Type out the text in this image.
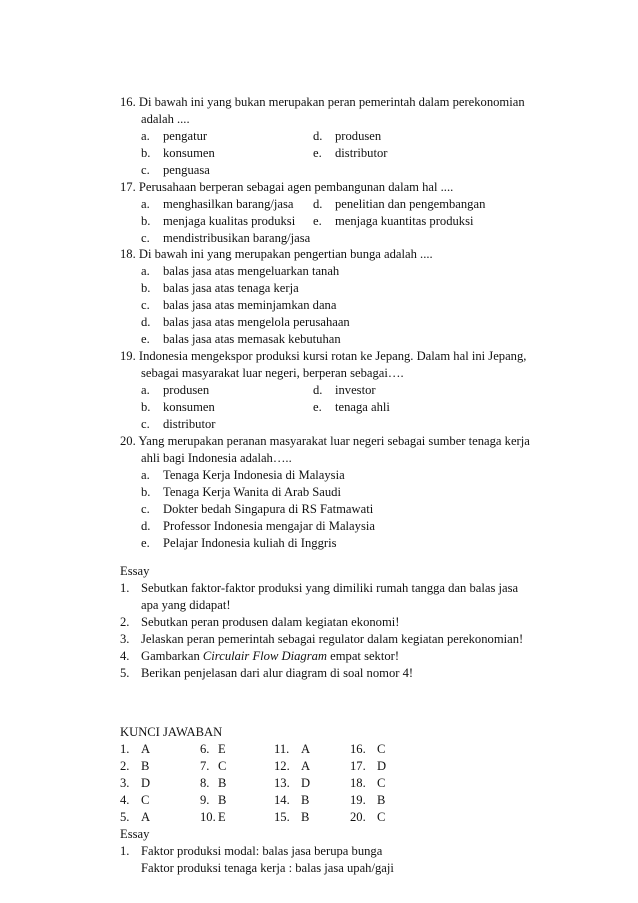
16. Di bawah ini yang bukan merupakan peran pemerintah dalam perekonomian
adalah ....
a. pengatur	d. produsen
b. konsumen	e. distributor
c. penguasa
17. Perusahaan berperan sebagai agen pembangunan dalam hal ....
a. menghasilkan barang/jasa d. penelitian dan pengembangan
b. menjaga kualitas produksi e. menjaga kuantitas produksi
c. mendistribusikan barang/jasa
18. Di bawah ini yang merupakan pengertian bunga adalah ....
a. balas jasa atas mengeluarkan tanah
b. balas jasa atas tenaga kerja
c. balas jasa atas meminjamkan dana
d. balas jasa atas mengelola perusahaan
e. balas jasa atas memasak kebutuhan
19. Indonesia mengekspor produksi kursi rotan ke Jepang. Dalam hal ini Jepang,
sebagai masyarakat luar negeri, berperan sebagai….
a. produsen	d. investor
b. konsumen	e. tenaga ahli
c. distributor
20. Yang merupakan peranan masyarakat luar negeri sebagai sumber tenaga kerja
ahli bagi Indonesia adalah…..
a. Tenaga Kerja Indonesia di Malaysia
b. Tenaga Kerja Wanita di Arab Saudi
c. Dokter bedah Singapura di RS Fatmawati
d. Professor Indonesia mengajar di Malaysia
e. Pelajar Indonesia kuliah di Inggris
Essay
1. Sebutkan faktor-faktor produksi yang dimiliki rumah tangga dan balas jasa
apa yang didapat!
2. Sebutkan peran produsen dalam kegiatan ekonomi!
3. Jelaskan peran pemerintah sebagai regulator dalam kegiatan perekonomian!
4. Gambarkan Circulair Flow Diagram empat sektor!
5. Berikan penjelasan dari alur diagram di soal nomor 4!
KUNCI JAWABAN
1. A	6. E	11. A	16. C
2. B	7. C	12. A	17. D
3. D	8. B	13. D	18. C
4. C	9. B	14. B	19. B
5. A	10. E	15. B	20. C
Essay
1. Faktor produksi modal: balas jasa berupa bunga
Faktor produksi tenaga kerja : balas jasa upah/gaji
